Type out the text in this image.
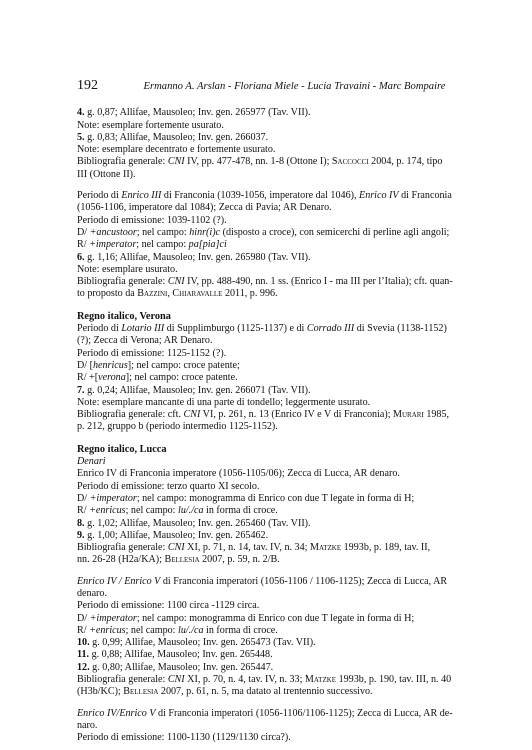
192	Ermanno A. Arslan - Floriana Miele - Lucia Travaini - Marc Bompaire

4. g. 0,87; Allifae, Mausoleo; Inv. gen. 265977 (Tav. VII).

Note: esemplare fortemente usurato.

5. g. 0,83; Allifae, Mausoleo; Inv. gen. 266037.

Note: esemplare decentrato e fortemente usurato.

Bibliografia generale: CNI IV, pp. 477-478, nn. 1-8 (Ottone I); Saccocci 2004, p. 174, tipo

III (Ottone II).

Periodo di Enrico III di Franconia (1039-1056, imperatore dal 1046), Enrico IV di Franconia

(1056-1106, imperatore dal 1084); Zecca di Pavia; AR Denaro.

Periodo di emissione: 1039-1102 (?).

D/ +ancustoor; nel campo: hinr(i)c (disposto a croce), con semicerchi di perline agli angoli;

R/ +imperator; nel campo: pa[pia]ci

6. g. 1,16; Allifae, Mausoleo; Inv. gen. 265980 (Tav. VII).

Note: esemplare usurato.

Bibliografia generale: CNI IV, pp. 488-490, nn. 1 ss. (Enrico I - ma III per l’Italia); cft. quan-

to proposto da Bazzini, Chiaravalle 2011, p. 996.

Regno italico, Verona

Periodo di Lotario III di Supplimburgo (1125-1137) e di Corrado III di Svevia (1138-1152)

(?); Zecca di Verona; AR Denaro.

Periodo di emissione: 1125-1152 (?).

D/ [henricus]; nel campo: croce patente;

R/ +[verona]; nel campo: croce patente.

7. g. 0,24; Allifae, Mausoleo; Inv. gen. 266071 (Tav. VII).

Note: esemplare mancante di una parte di tondello; leggermente usurato.

Bibliografia generale: cft. CNI VI, p. 261, n. 13 (Enrico IV e V di Franconia); Murari 1985,

p. 212, gruppo b (periodo intermedio 1125-1152).

Regno italico, Lucca

Denari

Enrico IV di Franconia imperatore (1056-1105/06); Zecca di Lucca, AR denaro.

Periodo di emissione: terzo quarto XI secolo.

D/ +imperator; nel campo: monogramma di Enrico con due T legate in forma di H;

R/ +enricus; nel campo: lu/./ca in forma di croce.

8. g. 1,02; Allifae, Mausoleo; Inv. gen. 265460 (Tav. VII).

9. g. 1,00; Allifae, Mausoleo; Inv. gen. 265462.

Bibliografia generale: CNI XI, p. 71, n. 14, tav. IV, n. 34; Matzke 1993b, p. 189, tav. II,

nn. 26-28 (H2a/KA); Bellesia 2007, p. 59, n. 2/B.

Enrico IV / Enrico V di Franconia imperatori (1056-1106 / 1106-1125); Zecca di Lucca, AR

denaro.

Periodo di emissione: 1100 circa -1129 circa.

D/ +imperator; nel campo: monogramma di Enrico con due T legate in forma di H;

R/ +enricus; nel campo: lu/./ca in forma di croce.

10. g. 0,99; Allifae, Mausoleo; Inv. gen. 265473 (Tav. VII).

11. g. 0,88; Allifae, Mausoleo; Inv. gen. 265448.

12. g. 0,80; Allifae, Mausoleo; Inv. gen. 265447.

Bibliografia generale: CNI XI, p. 70, n. 4, tav. IV, n. 33; Matzke 1993b, p. 190, tav. III, n. 40

(H3b/KC); Bellesia 2007, p. 61, n. 5, ma datato al trentennio successivo.

Enrico IV/Enrico V di Franconia imperatori (1056-1106/1106-1125); Zecca di Lucca, AR de-

naro.

Periodo di emissione: 1100-1130 (1129/1130 circa?).
